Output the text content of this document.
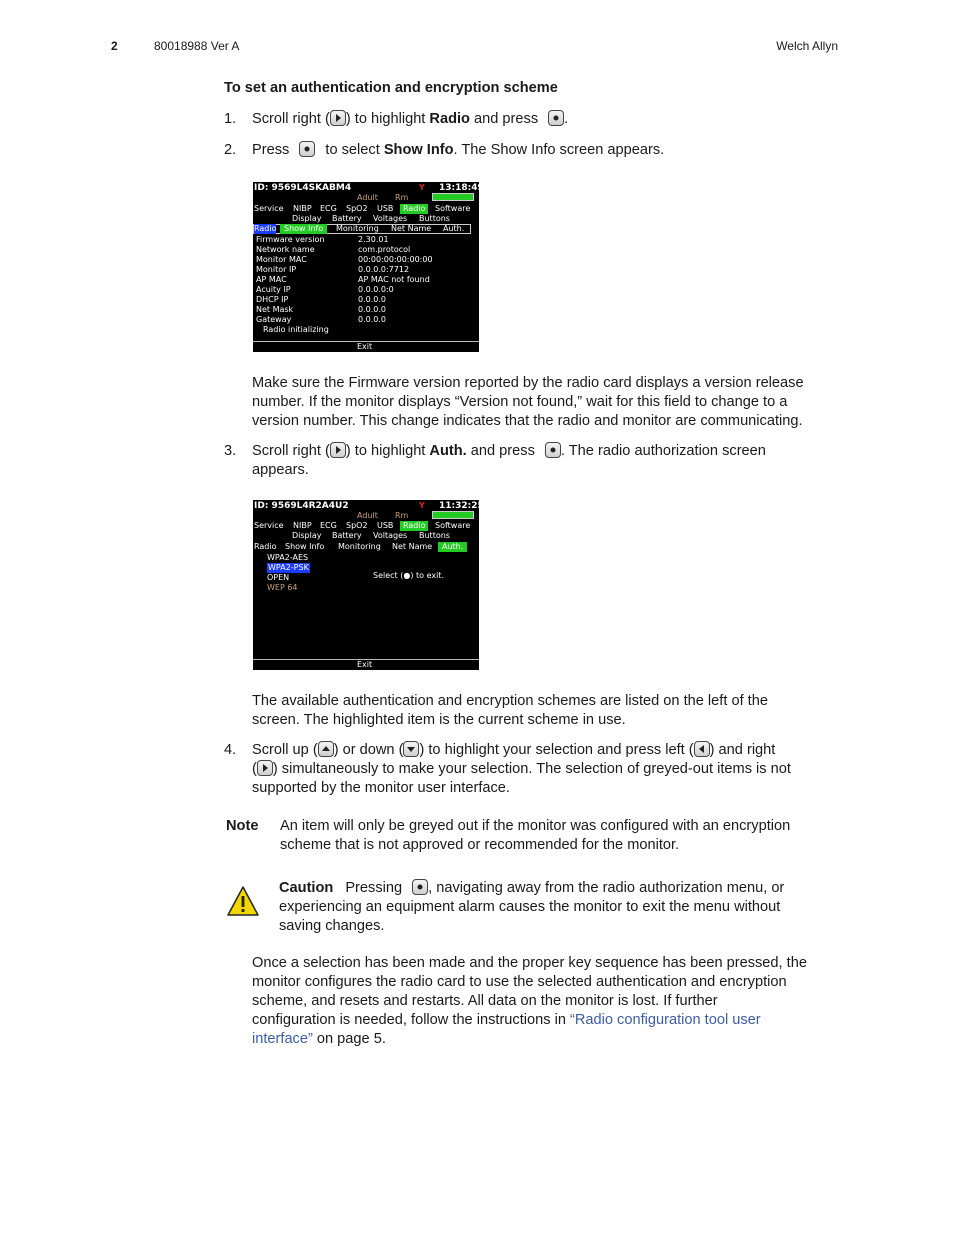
2	80018988 Ver A	Welch Allyn
To set an authentication and encryption scheme
1. Scroll right ( ) to highlight Radio and press
.
2. Press
to select Show Info. The Show Info screen appears.
ID: 9569L4SKABM4	Y 13:18:49
Adult Rm
Service NIBP ECG SpO2 USB	Radio	Software
Display Battery Voltages Buttons
Radio Show Info	Monitoring Net Name Auth.
Firmware version	2.30.01
Network name	com.protocol
Monitor MAC	00:00:00:00:00:00
Monitor IP	0.0.0.0:7712
AP MAC	AP MAC not found
Acuity IP	0.0.0.0:0
DHCP IP	0.0.0.0
Net Mask	0.0.0.0
Gateway	0.0.0.0
Radio initializing
Exit
Make sure the Firmware version reported by the radio card displays a version release
number. If the monitor displays “Version not found,” wait for this field to change to a
version number. This change indicates that the radio and monitor are communicating.
3. Scroll right ( ) to highlight Auth. and press
. The radio authorization screen
appears.
ID: 9569L4R2A4U2	Y 11:32:25
Adult Rm
Service NIBP ECG SpO2 USB	Radio	Software
Display Battery Voltages Buttons
Radio Show Info Monitoring Net Name	Auth.
WPA2-AES
WPA2-PSK
OPEN
WEP 64
Select (●) to exit.
Exit
The available authentication and encryption schemes are listed on the left of the
screen. The highlighted item is the current scheme in use.
4. Scroll up ( ) or down ( ) to highlight your selection and press left ( ) and right
( ) simultaneously to make your selection. The selection of greyed-out items is not
supported by the monitor user interface.
Note An item will only be greyed out if the monitor was configured with an encryption
scheme that is not approved or recommended for the monitor.
Caution Pressing
, navigating away from the radio authorization menu, or
experiencing an equipment alarm causes the monitor to exit the menu without
saving changes.
Once a selection has been made and the proper key sequence has been pressed, the
monitor configures the radio card to use the selected authentication and encryption
scheme, and resets and restarts. All data on the monitor is lost. If further
configuration is needed, follow the instructions in “Radio configuration tool user
interface” on page 5.
